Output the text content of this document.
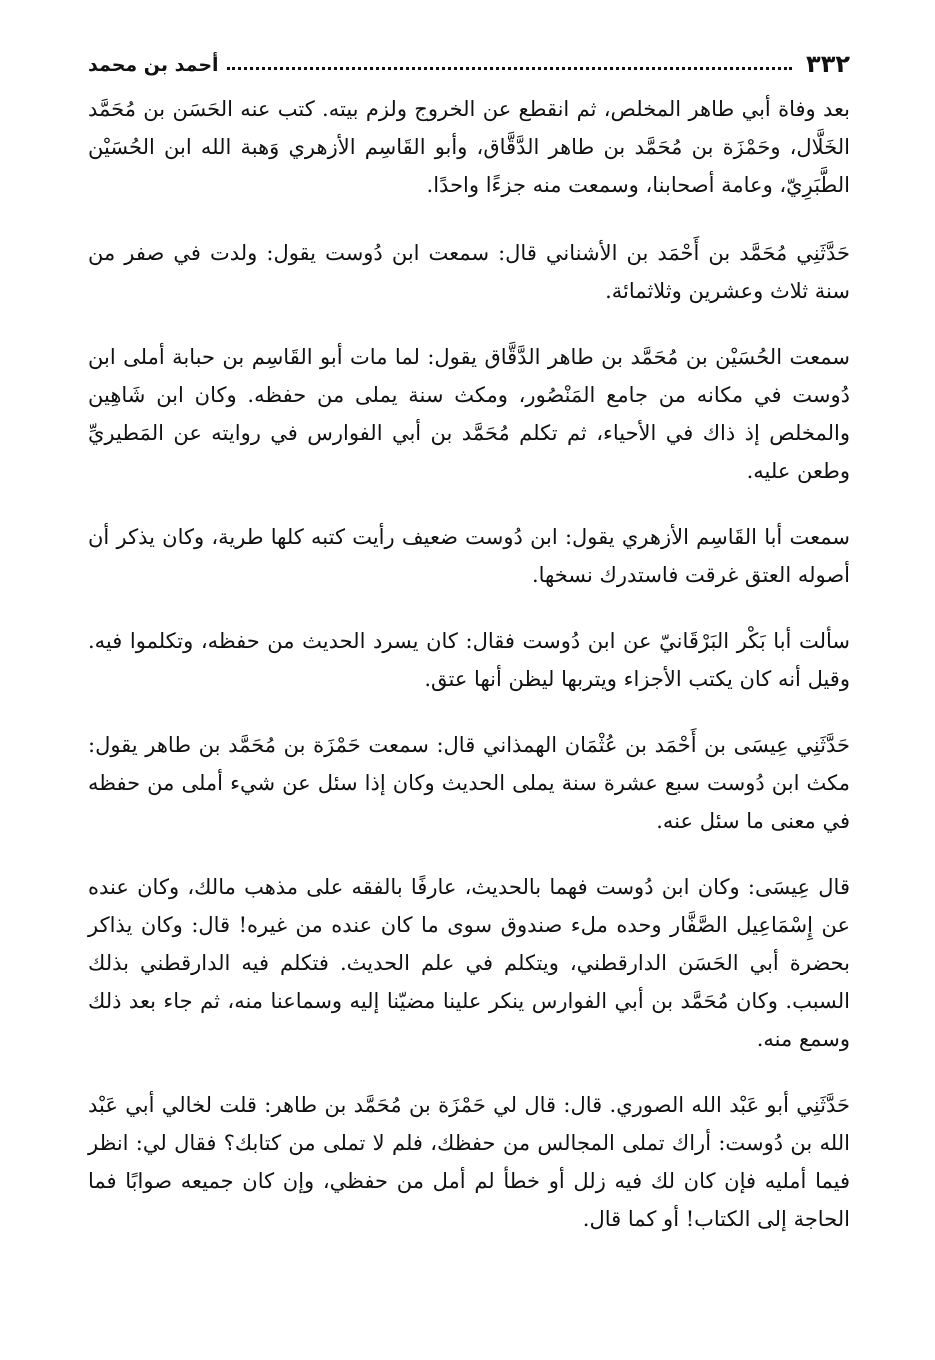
٣٣٢
أحمد بن محمد

بعد وفاة أبي طاهر المخلص، ثم انقطع عن الخروج ولزم بيته. كتب عنه الحَسَن بن مُحَمَّد الخَلَّال، وحَمْزَة بن مُحَمَّد بن طاهر الدَّقَّاق، وأبو القَاسِم الأزهري وَهبة الله ابن الحُسَيْن الطَّبَرِيّ، وعامة أصحابنا، وسمعت منه جزءًا واحدًا.

حَدَّثَنِي مُحَمَّد بن أَحْمَد بن الأشناني قال: سمعت ابن دُوست يقول: ولدت في صفر من سنة ثلاث وعشرين وثلاثمائة.

سمعت الحُسَيْن بن مُحَمَّد بن طاهر الدَّقَّاق يقول: لما مات أبو القَاسِم بن حبابة أملى ابن دُوست في مكانه من جامع المَنْصُور، ومكث سنة يملى من حفظه. وكان ابن شَاهِين والمخلص إذ ذاك في الأحياء، ثم تكلم مُحَمَّد بن أبي الفوارس في روايته عن المَطيريِّ وطعن عليه.

سمعت أبا القَاسِم الأزهري يقول: ابن دُوست ضعيف رأيت كتبه كلها طرية، وكان يذكر أن أصوله العتق غرقت فاستدرك نسخها.

سألت أبا بَكْر البَرْقَانيّ عن ابن دُوست فقال: كان يسرد الحديث من حفظه، وتكلموا فيه. وقيل أنه كان يكتب الأجزاء ويتربها ليظن أنها عتق.

حَدَّثَنِي عِيسَى بن أَحْمَد بن عُثْمَان الهمذاني قال: سمعت حَمْزَة بن مُحَمَّد بن طاهر يقول: مكث ابن دُوست سبع عشرة سنة يملى الحديث وكان إذا سئل عن شيء أملى من حفظه في معنى ما سئل عنه.

قال عِيسَى: وكان ابن دُوست فهما بالحديث، عارفًا بالفقه على مذهب مالك، وكان عنده عن إِسْمَاعِيل الصَّفَّار وحده ملء صندوق سوى ما كان عنده من غيره! قال: وكان يذاكر بحضرة أبي الحَسَن الدارقطني، ويتكلم في علم الحديث. فتكلم فيه الدارقطني بذلك السبب. وكان مُحَمَّد بن أبي الفوارس ينكر علينا مضيّنا إليه وسماعنا منه، ثم جاء بعد ذلك وسمع منه.

حَدَّثَنِي أبو عَبْد الله الصوري. قال: قال لي حَمْزَة بن مُحَمَّد بن طاهر: قلت لخالي أبي عَبْد الله بن دُوست: أراك تملى المجالس من حفظك، فلم لا تملى من كتابك؟ فقال لي: انظر فيما أمليه فإن كان لك فيه زلل أو خطأ لم أمل من حفظي، وإن كان جميعه صوابًا فما الحاجة إلى الكتاب! أو كما قال.
